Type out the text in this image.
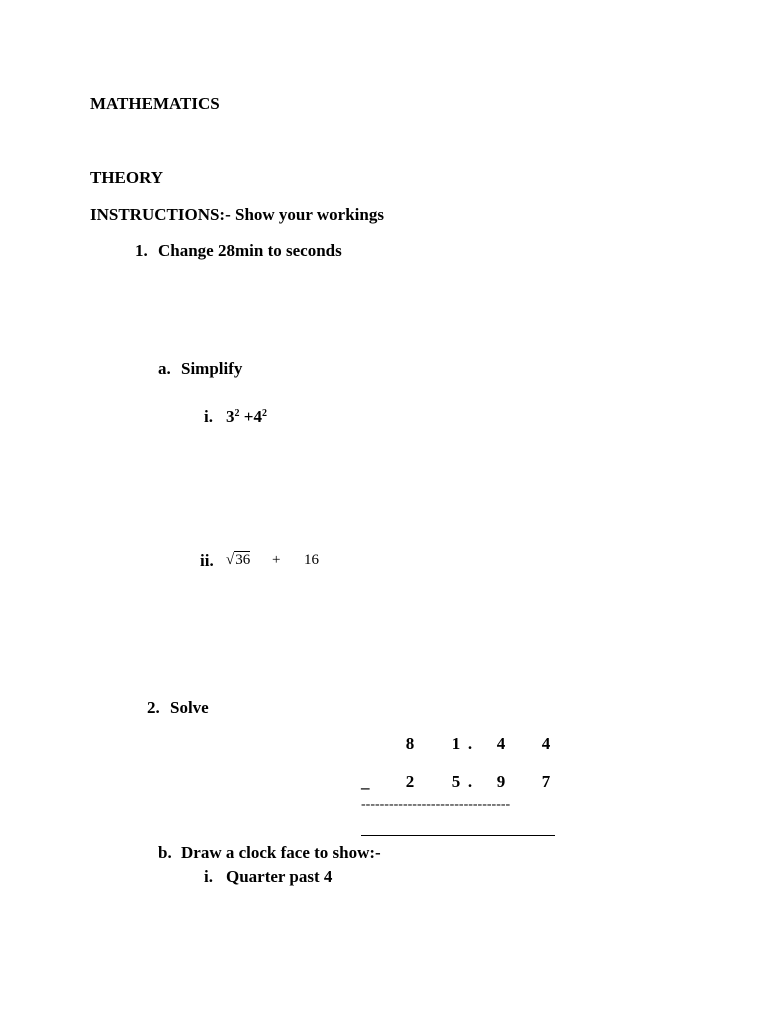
MATHEMATICS
THEORY
INSTRUCTIONS:- Show your workings
1. Change 28min to seconds
a. Simplify
i. $3^2 +4^2$
ii. √36 + 16
2. Solve
8 1 .	4 4
_ 2 5 .	9 7
--------------------------------
b. Draw a clock face to show:-
i. Quarter past 4
